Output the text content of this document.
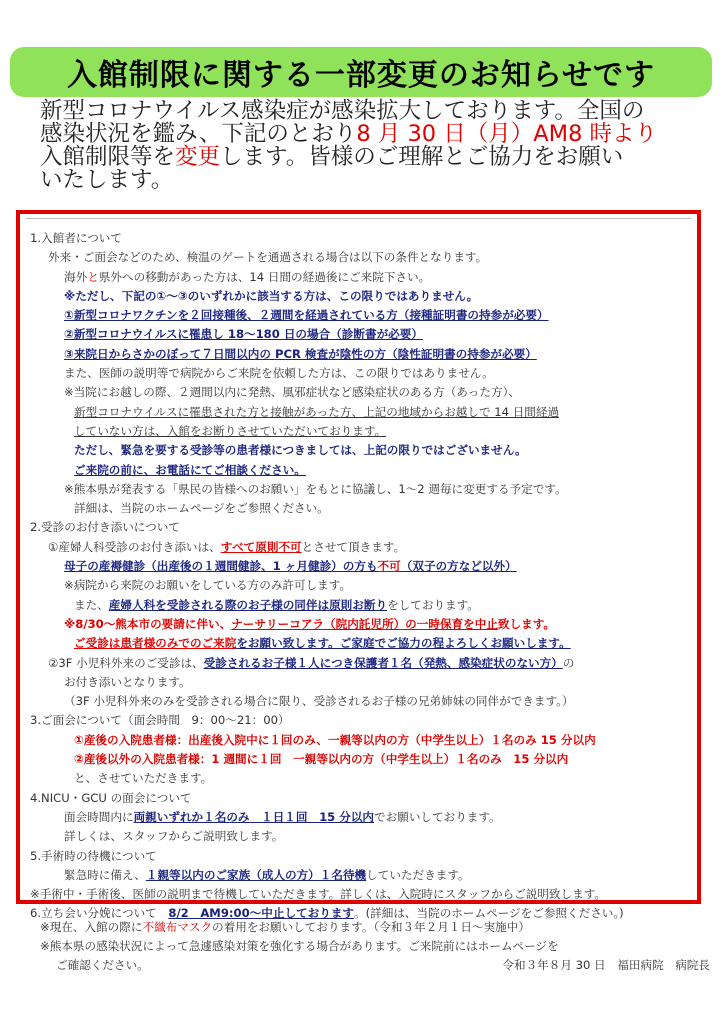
入館制限に関する一部変更のお知らせです
新型コロナウイルス感染症が感染拡大しております。全国の
感染状況を鑑み、下記のとおり8 月 30 日（月）AM8 時より
入館制限等を変更します。皆様のご理解とご協力をお願い
いたします。
1.入館者について
外来・ご面会などのため、検温のゲートを通過される場合は以下の条件となります。
海外と県外への移動があった方は、14 日間の経過後にご来院下さい。
※ただし、下記の①～③のいずれかに該当する方は、この限りではありません。
①新型コロナワクチンを２回接種後、２週間を経過されている方（接種証明書の持参が必要）
②新型コロナウイルスに罹患し 18～180 日の場合（診断書が必要）
③来院日からさかのぼって７日間以内の PCR 検査が陰性の方（陰性証明書の持参が必要）
また、医師の説明等で病院からご来院を依頼した方は、この限りではありません。
※当院にお越しの際、２週間以内に発熱、風邪症状など感染症状のある方（あった方）、
新型コロナウイルスに罹患された方と接触があった方、上記の地域からお越しで 14 日間経過
していない方は、入館をお断りさせていただいております。
ただし、緊急を要する受診等の患者様につきましては、上記の限りではございません。
ご来院の前に、お電話にてご相談ください。
※熊本県が発表する「県民の皆様へのお願い」をもとに協議し、1～2 週毎に変更する予定です。
詳細は、当院のホームページをご参照ください。
2.受診のお付き添いについて
①産婦人科受診のお付き添いは、すべて原則不可とさせて頂きます。
母子の産褥健診（出産後の１週間健診、1 ヶ月健診）の方も不可（双子の方など以外）
※病院から来院のお願いをしている方のみ許可します。
また、産婦人科を受診される際のお子様の同伴は原則お断りをしております。
※8/30～熊本市の要請に伴い、ナーサリーコアラ（院内託児所）の一時保育を中止致します。
ご受診は患者様のみでのご来院をお願い致します。ご家庭でご協力の程よろしくお願いします。
②3F 小児科外来のご受診は、受診されるお子様１人につき保護者１名（発熱、感染症状のない方）の
お付き添いとなります。
（3F 小児科外来のみを受診される場合に限り、受診されるお子様の兄弟姉妹の同伴ができます。）
3.ご面会について（面会時間　9：00～21：00）
①産後の入院患者様：出産後入院中に１回のみ、一親等以内の方（中学生以上）１名のみ 15 分以内
②産後以外の入院患者様：1 週間に１回　一親等以内の方（中学生以上）１名のみ　15 分以内
と、させていただきます。
4.NICU・GCU の面会について
面会時間内に両親いずれか１名のみ　１日１回　15 分以内でお願いしております。
詳しくは、スタッフからご説明致します。
5.手術時の待機について
緊急時に備え、１親等以内のご家族（成人の方）１名待機していただきます。
※手術中・手術後、医師の説明まで待機していただきます。詳しくは、入院時にスタッフからご説明致します。
6.立ち会い分娩について　8/2　AM9:00～中止しております。(詳細は、当院のホームページをご参照ください。)
※現在、入館の際に不織布マスクの着用をお願いしております。（令和３年２月１日～実施中）
※熊本県の感染状況によって急遽感染対策を強化する場合があります。ご来院前にはホームページを
ご確認ください。	令和３年８月 30 日　福田病院　病院長
